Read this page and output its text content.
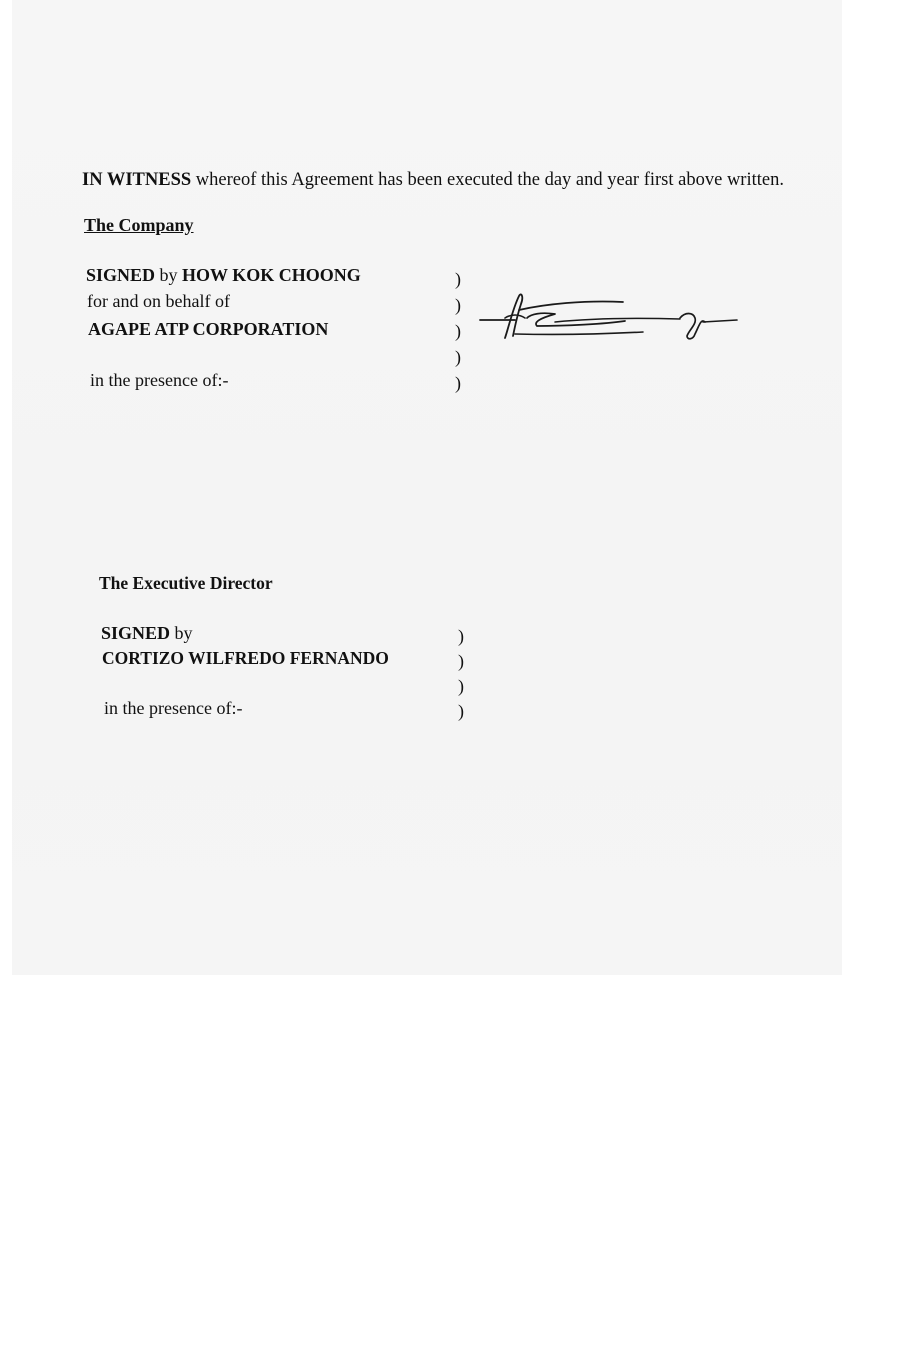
IN WITNESS whereof this Agreement has been executed the day and year first above written.
The Company
SIGNED by HOW KOK CHOONG
for and on behalf of
AGAPE ATP CORPORATION
in the presence of:-
)
)
)
)
)
The Executive Director
SIGNED by
CORTIZO WILFREDO FERNANDO
in the presence of:-
)
)
)
)
